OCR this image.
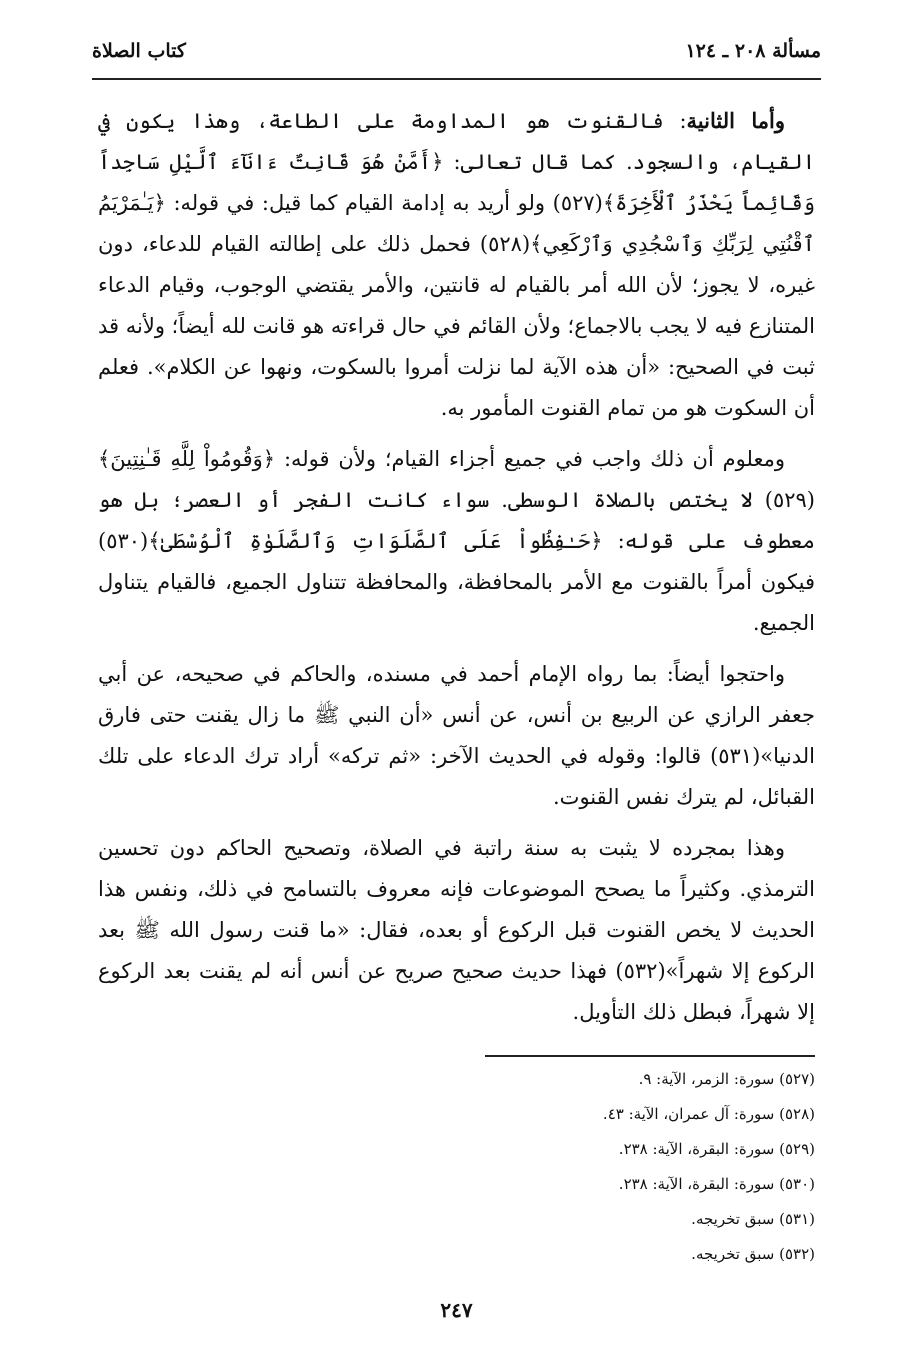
مسألة ٢٠٨ ـ ١٢٤
كتاب الصلاة

وأما الثانية: فالقنوت هو المداومة على الطاعة، وهذا يكون في القيام، والسجود. كما قال تعالى: ﴿أَمَّنْ هُوَ قَانِتٌ ءَانَآءَ ٱلَّيْلِ سَاجِداً وَقَائِماً يَحْذَرُ ٱلْأَخِرَةَ﴾(٥٢٧) ولو أريد به إدامة القيام كما قيل: في قوله: ﴿يَـٰمَرْيَمُ ٱقْنُتِي لِرَبِّكِ وَٱسْجُدِي وَٱرْكَعِي﴾(٥٢٨) فحمل ذلك على إطالته القيام للدعاء، دون غيره، لا يجوز؛ لأن الله أمر بالقيام له قانتين، والأمر يقتضي الوجوب، وقيام الدعاء المتنازع فيه لا يجب بالاجماع؛ ولأن القائم في حال قراءته هو قانت لله أيضاً؛ ولأنه قد ثبت في الصحيح: «أن هذه الآية لما نزلت أمروا بالسكوت، ونهوا عن الكلام». فعلم أن السكوت هو من تمام القنوت المأمور به.

ومعلوم أن ذلك واجب في جميع أجزاء القيام؛ ولأن قوله: ﴿وَقُومُواْ لِلَّهِ قَـٰنِتِينَ﴾(٥٢٩) لا يختص بالصلاة الوسطى. سواء كانت الفجر أو العصر؛ بل هو معطوف على قوله: ﴿حَـٰفِظُواْ عَلَى ٱلصَّلَوَاتِ وَٱلصَّلَوٰةِ ٱلْوُسْطَىٰ﴾(٥٣٠) فيكون أمراً بالقنوت مع الأمر بالمحافظة، والمحافظة تتناول الجميع، فالقيام يتناول الجميع.

واحتجوا أيضاً: بما رواه الإمام أحمد في مسنده، والحاكم في صحيحه، عن أبي جعفر الرازي عن الربيع بن أنس، عن أنس «أن النبي ﷺ ما زال يقنت حتى فارق الدنيا»(٥٣١) قالوا: وقوله في الحديث الآخر: «ثم تركه» أراد ترك الدعاء على تلك القبائل، لم يترك نفس القنوت.

وهذا بمجرده لا يثبت به سنة راتبة في الصلاة، وتصحيح الحاكم دون تحسين الترمذي. وكثيراً ما يصحح الموضوعات فإنه معروف بالتسامح في ذلك، ونفس هذا الحديث لا يخص القنوت قبل الركوع أو بعده، فقال: «ما قنت رسول الله ﷺ بعد الركوع إلا شهراً»(٥٣٢) فهذا حديث صحيح صريح عن أنس أنه لم يقنت بعد الركوع إلا شهراً، فبطل ذلك التأويل.

(٥٢٧) سورة: الزمر، الآية: ٩.
(٥٢٨) سورة: آل عمران، الآية: ٤٣.
(٥٢٩) سورة: البقرة، الآية: ٢٣٨.
(٥٣٠) سورة: البقرة، الآية: ٢٣٨.
(٥٣١) سبق تخريجه.
(٥٣٢) سبق تخريجه.
٢٤٧
